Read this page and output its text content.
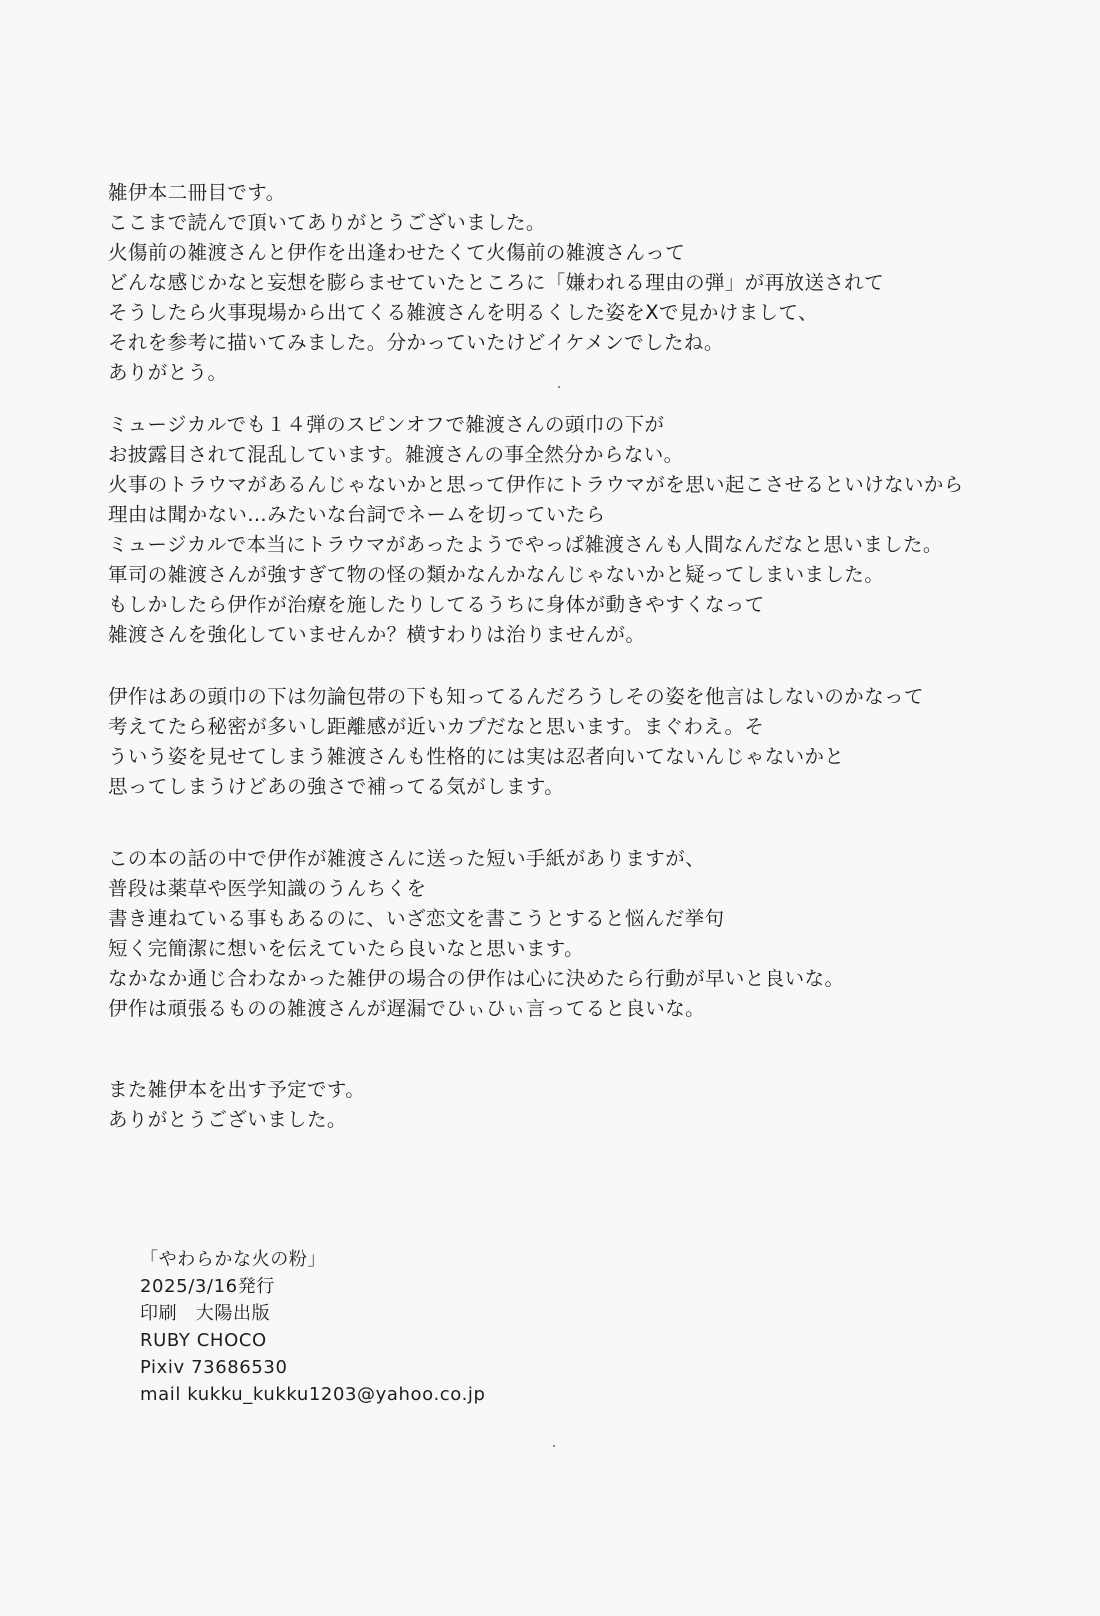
雑伊本二冊目です。
ここまで読んで頂いてありがとうございました。
火傷前の雑渡さんと伊作を出逢わせたくて火傷前の雑渡さんって
どんな感じかなと妄想を膨らませていたところに「嫌われる理由の弾」が再放送されて
そうしたら火事現場から出てくる雑渡さんを明るくした姿をXで見かけまして、
それを参考に描いてみました。分かっていたけどイケメンでしたね。
ありがとう。
ミュージカルでも１４弾のスピンオフで雑渡さんの頭巾の下が
お披露目されて混乱しています。雑渡さんの事全然分からない。
火事のトラウマがあるんじゃないかと思って伊作にトラウマがを思い起こさせるといけないから
理由は聞かない…みたいな台詞でネームを切っていたら
ミュージカルで本当にトラウマがあったようでやっぱ雑渡さんも人間なんだなと思いました。
軍司の雑渡さんが強すぎて物の怪の類かなんかなんじゃないかと疑ってしまいました。
もしかしたら伊作が治療を施したりしてるうちに身体が動きやすくなって
雑渡さんを強化していませんか？横すわりは治りませんが。
伊作はあの頭巾の下は勿論包帯の下も知ってるんだろうしその姿を他言はしないのかなって
考えてたら秘密が多いし距離感が近いカプだなと思います。まぐわえ。そ
ういう姿を見せてしまう雑渡さんも性格的には実は忍者向いてないんじゃないかと
思ってしまうけどあの強さで補ってる気がします。
この本の話の中で伊作が雑渡さんに送った短い手紙がありますが、
普段は薬草や医学知識のうんちくを
書き連ねている事もあるのに、いざ恋文を書こうとすると悩んだ挙句
短く完簡潔に想いを伝えていたら良いなと思います。
なかなか通じ合わなかった雑伊の場合の伊作は心に決めたら行動が早いと良いな。
伊作は頑張るものの雑渡さんが遅漏でひぃひぃ言ってると良いな。
また雑伊本を出す予定です。
ありがとうございました。
「やわらかな火の粉」
2025/3/16発行
印刷　大陽出版
RUBY CHOCO
Pixiv 73686530
mail kukku_kukku1203@yahoo.co.jp
